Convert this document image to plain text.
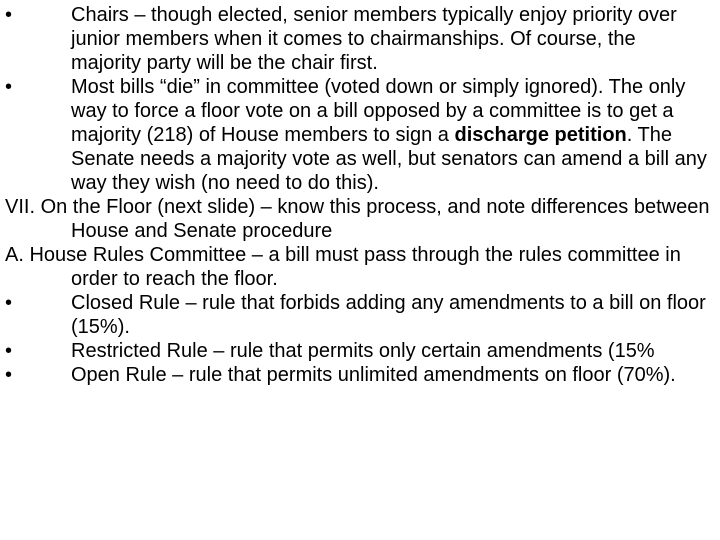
•	Chairs – though elected, senior members typically enjoy priority over junior members when it comes to chairmanships. Of course, the majority party will be the chair first.

•	Most bills “die” in committee (voted down or simply ignored). The only way to force a floor vote on a bill opposed by a committee is to get a majority (218) of House members to sign a discharge petition. The Senate needs a majority vote as well, but senators can amend a bill any way they wish (no need to do this).

VII. On the Floor (next slide) – know this process, and note differences between House and Senate procedure

A. House Rules Committee – a bill must pass through the rules committee in order to reach the floor.

•	Closed Rule – rule that forbids adding any amendments to a bill on floor (15%).

•	Restricted Rule – rule that permits only certain amendments (15%

•	Open Rule – rule that permits unlimited amendments on floor (70%).
